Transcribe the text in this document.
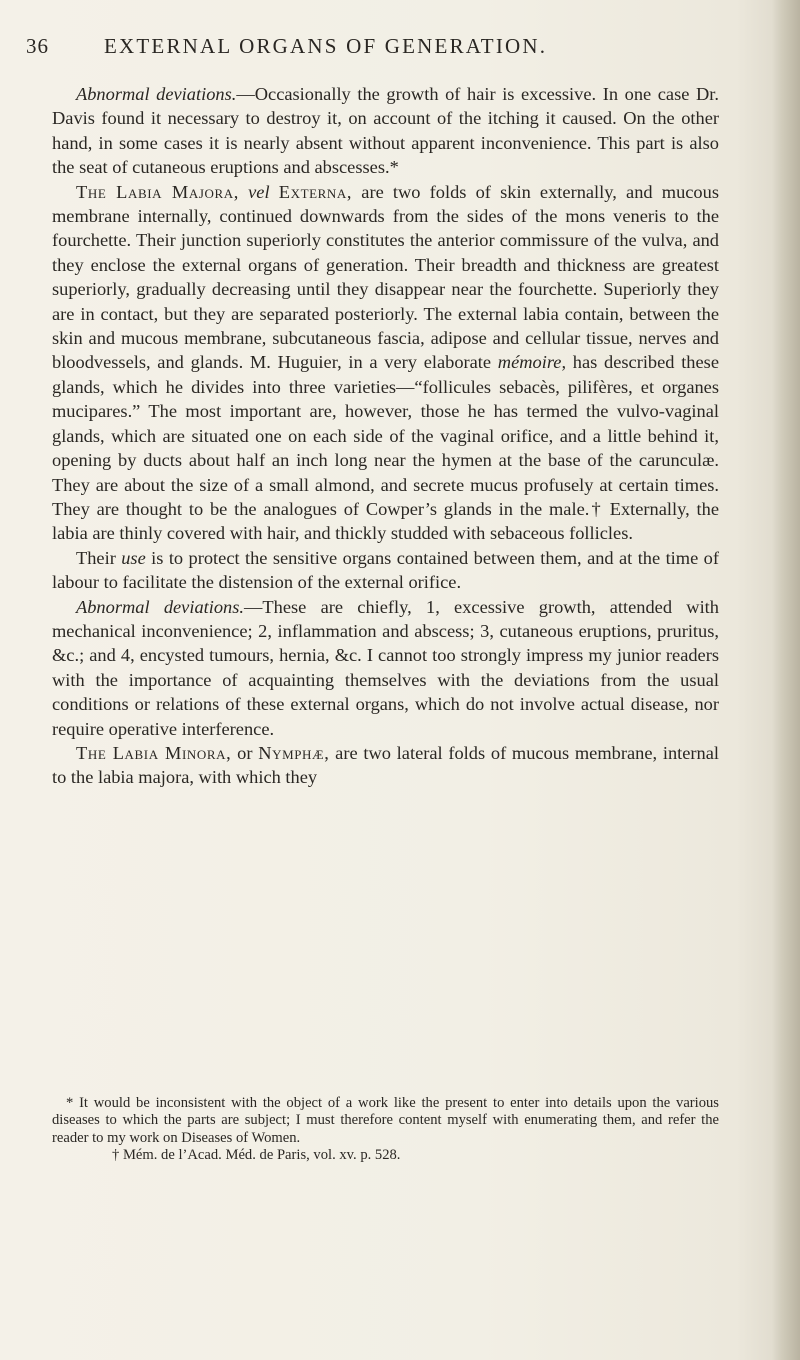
36	EXTERNAL ORGANS OF GENERATION.

Abnormal deviations.—Occasionally the growth of hair is excessive. In one case Dr. Davis found it necessary to destroy it, on account of the itching it caused. On the other hand, in some cases it is nearly absent without apparent inconvenience. This part is also the seat of cutaneous eruptions and abscesses.*

The Labia Majora, vel Externa, are two folds of skin externally, and mucous membrane internally, continued downwards from the sides of the mons veneris to the fourchette. Their junction superiorly constitutes the anterior commissure of the vulva, and they enclose the external organs of generation. Their breadth and thickness are greatest superiorly, gradually decreasing until they disappear near the fourchette. Superiorly they are in contact, but they are separated posteriorly. The external labia contain, between the skin and mucous membrane, subcutaneous fascia, adipose and cellular tissue, nerves and bloodvessels, and glands. M. Huguier, in a very elaborate mémoire, has described these glands, which he divides into three varieties—“follicules sebacès, pilifères, et organes mucipares.” The most important are, however, those he has termed the vulvo-vaginal glands, which are situated one on each side of the vaginal orifice, and a little behind it, opening by ducts about half an inch long near the hymen at the base of the carunculæ. They are about the size of a small almond, and secrete mucus profusely at certain times. They are thought to be the analogues of Cowper’s glands in the male.† Externally, the labia are thinly covered with hair, and thickly studded with sebaceous follicles.

Their use is to protect the sensitive organs contained between them, and at the time of labour to facilitate the distension of the external orifice.

Abnormal deviations.—These are chiefly, 1, excessive growth, attended with mechanical inconvenience; 2, inflammation and abscess; 3, cutaneous eruptions, pruritus, &c.; and 4, encysted tumours, hernia, &c. I cannot too strongly impress my junior readers with the importance of acquainting themselves with the deviations from the usual conditions or relations of these external organs, which do not involve actual disease, nor require operative interference.

The Labia Minora, or Nymphæ, are two lateral folds of mucous membrane, internal to the labia majora, with which they

* It would be inconsistent with the object of a work like the present to enter into details upon the various diseases to which the parts are subject; I must therefore content myself with enumerating them, and refer the reader to my work on Diseases of Women.

† Mém. de l’Acad. Méd. de Paris, vol. xv. p. 528.
